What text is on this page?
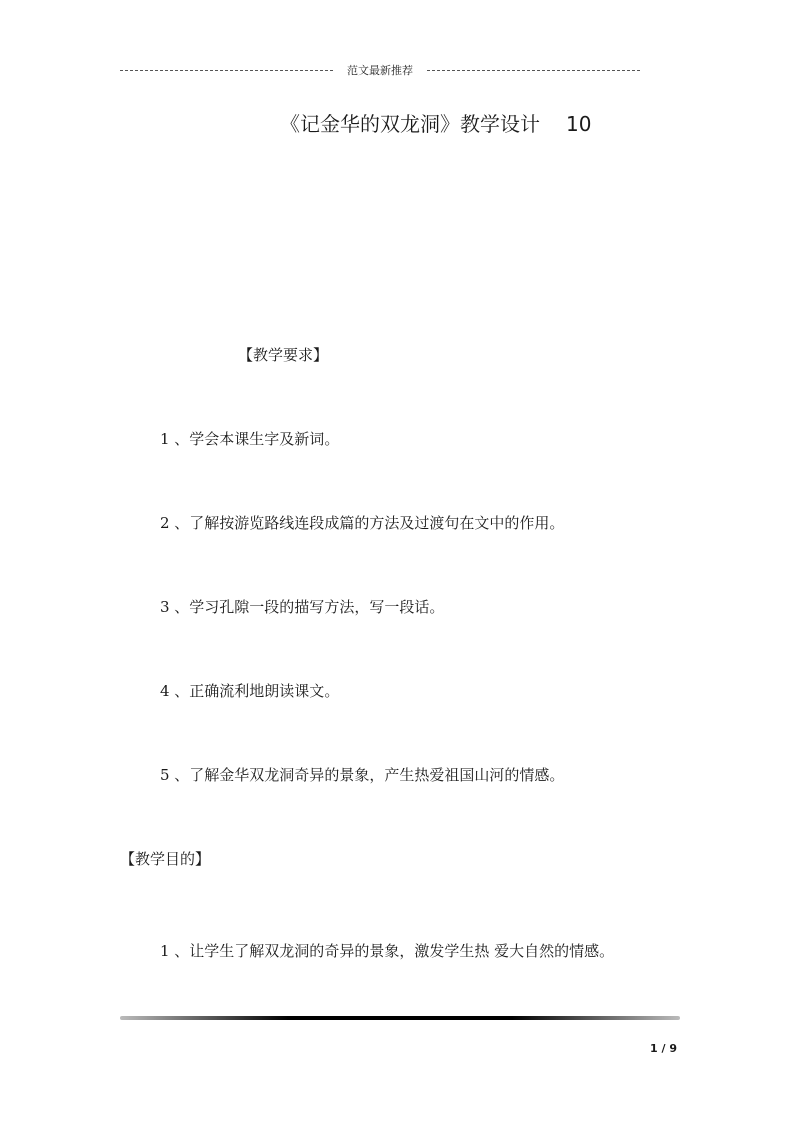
范文最新推荐
《记金华的双龙洞》教学设计 10
【教学要求】
1 、学会本课生字及新词。
2 、了解按游览路线连段成篇的方法及过渡句在文中的作用。
3 、学习孔隙一段的描写方法，写一段话。
4 、正确流利地朗读课文。
5 、了解金华双龙洞奇异的景象，产生热爱祖国山河的情感。
【教学目的】
1 、让学生了解双龙洞的奇异的景象，激发学生热 爱大自然的情感。
1 / 9
